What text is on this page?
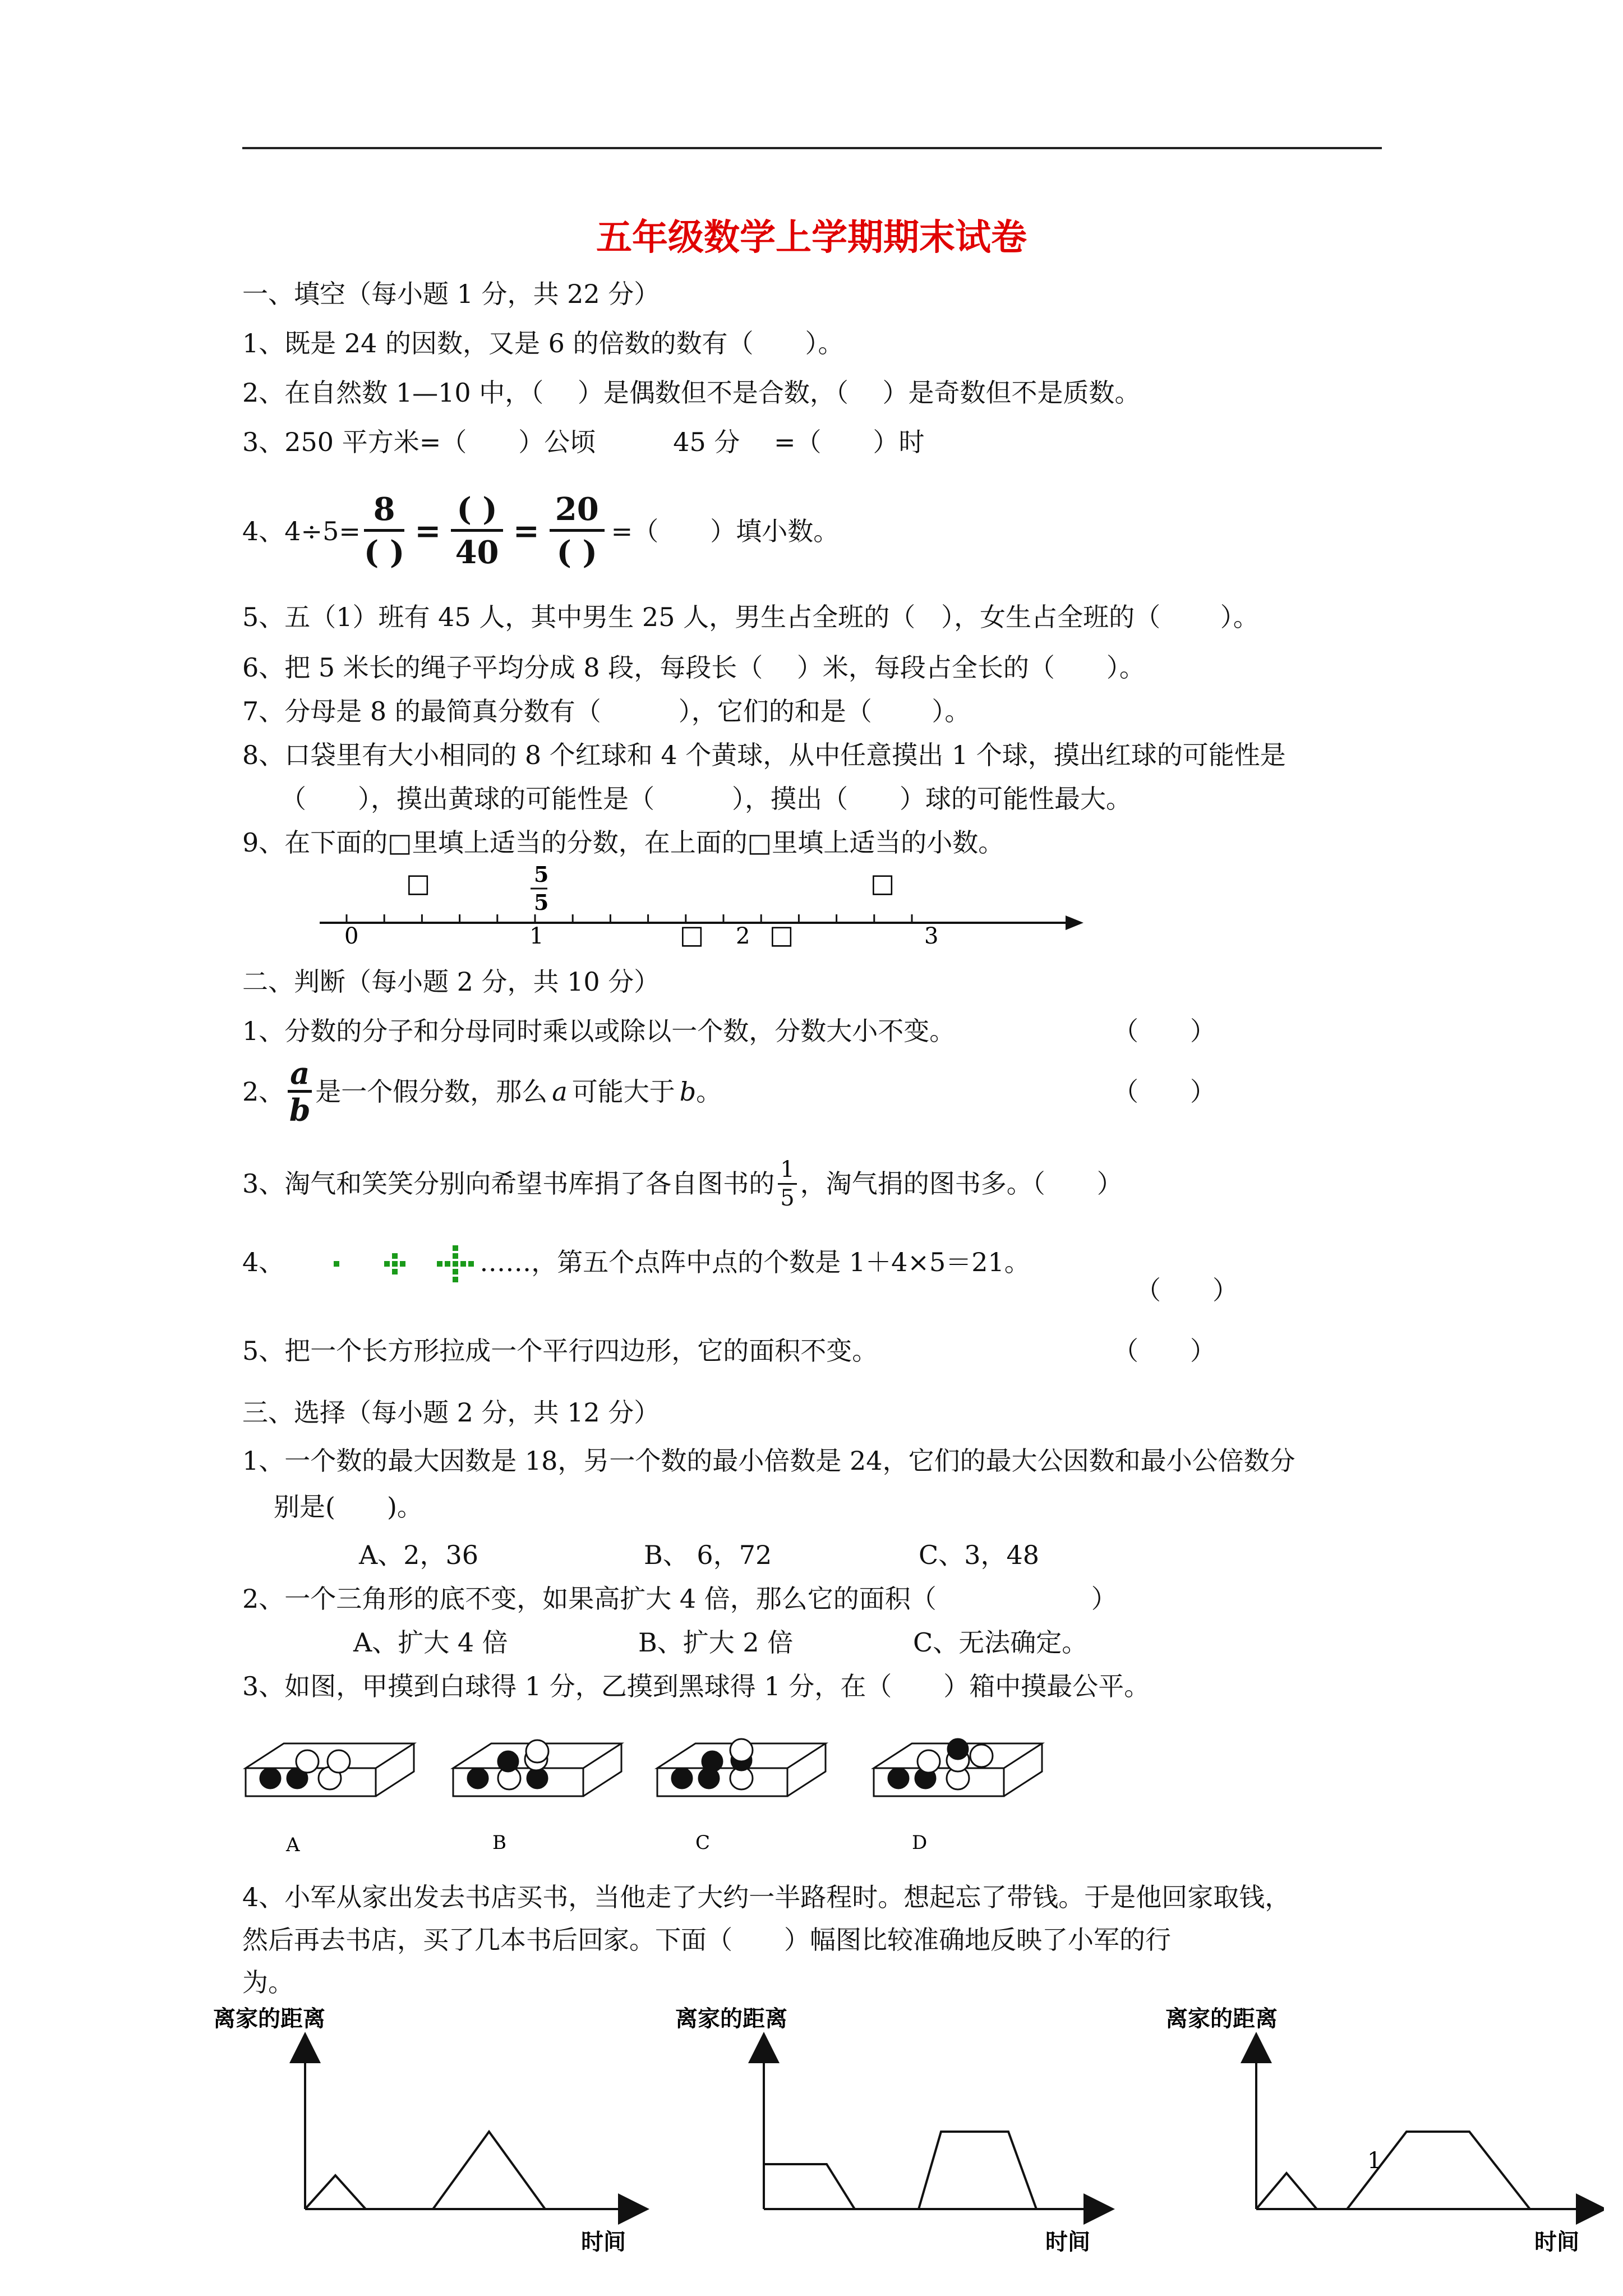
五年级数学上学期期末试卷
一、填空（每小题 1 分，共 22 分）
1、既是 24 的因数，又是 6 的倍数的数有（　　）。
2、在自然数 1—10 中，（　 ）是偶数但不是合数，（　 ）是奇数但不是质数。
3、250 平方米=（　　）公顷　　　45 分　 =（　　）时
4、$4\div 5= \frac{8}{( )} = \frac{( )}{40} = \frac{20}{( )}$ =（　　）填小数。
5、五（1）班有 45 人，其中男生 25 人，男生占全班的（　），女生占全班的（　　 ）。
6、把 5 米长的绳子平均分成 8 段，每段长（　 ）米，每段占全长的（　　）。
7、分母是 8 的最简真分数有（　　　），它们的和是（　　 ）。
8、口袋里有大小相同的 8 个红球和 4 个黄球，从中任意摸出 1 个球，摸出红球的可能性是
（　　），摸出黄球的可能性是（　　　），摸出（　　）球的可能性最大。
9、在下面的□里填上适当的分数，在上面的□里填上适当的小数。
0	1	2	3
□	□
□	□
5
5
二、判断（每小题 2 分，共 10 分）
1、分数的分子和分母同时乘以或除以一个数，分数大小不变。	（　　）
2、 $\frac{a}{b}$ 是一个假分数，那么 a 可能大于 b 。	（　　）
3、淘气和笑笑分别向希望书库捐了各自图书的 $\frac{1}{5}$ ，淘气捐的图书多。（　　）
4、	……，第五个点阵中点的个数是 1＋4×5＝21。
（　　）
5、把一个长方形拉成一个平行四边形，它的面积不变。	（　　）
三、选择（每小题 2 分，共 12 分）
1、一个数的最大因数是 18，另一个数的最小倍数是 24，它们的最大公因数和最小公倍数分
别是(　　)。
A、2，36	B、 6，72	C、3，48
2、一个三角形的底不变，如果高扩大 4 倍，那么它的面积（　　　　　　）
A、扩大 4 倍	B、扩大 2 倍	C、无法确定。
3、如图，甲摸到白球得 1 分，乙摸到黑球得 1 分，在（　　）箱中摸最公平。
A	B	C	D
4、小军从家出发去书店买书，当他走了大约一半路程时。想起忘了带钱。于是他回家取钱，
然后再去书店，买了几本书后回家。下面（　　）幅图比较准确地反映了小军的行
为。
离家的距离
时间
离家的距离
时间
离家的距离
1
时间
